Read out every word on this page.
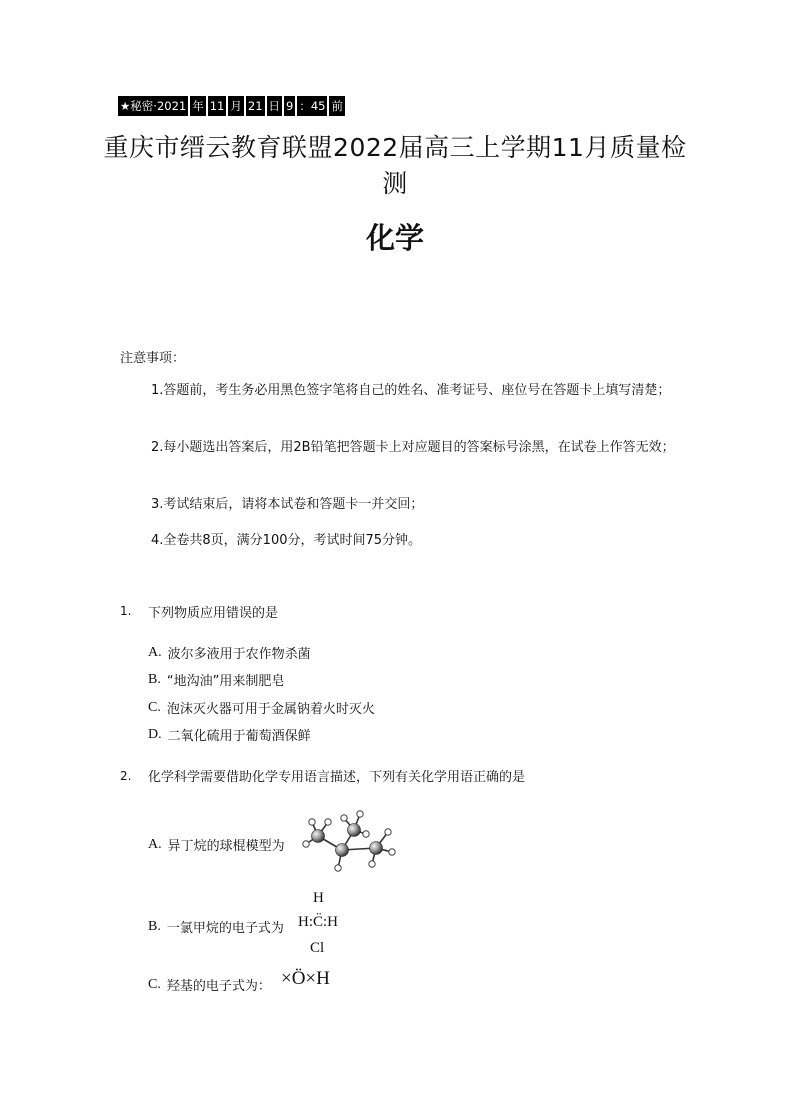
★秘密·2021 年 11 月 21 日 9 ：45 前
重庆市缙云教育联盟2022届高三上学期11月质量检测
化学
注意事项：
1.答题前，考生务必用黑色签字笔将自己的姓名、准考证号、座位号在答题卡上填写清楚；
2.每小题选出答案后，用2B铅笔把答题卡上对应题目的答案标号涂黑，在试卷上作答无效；
3.考试结束后，请将本试卷和答题卡一并交回；
4.全卷共8页，满分100分，考试时间75分钟。
1. 下列物质应用错误的是
A. 波尔多液用于农作物杀菌
B. “地沟油”用来制肥皂
C. 泡沫灭火器可用于金属钠着火时灭火
D. 二氧化硫用于葡萄酒保鲜
2. 化学科学需要借助化学专用语言描述，下列有关化学用语正确的是
A. 异丁烷的球棍模型为
B. 一氯甲烷的电子式为
H
H:C̈:H
Cl
C. 羟基的电子式为： ×Ö×H
